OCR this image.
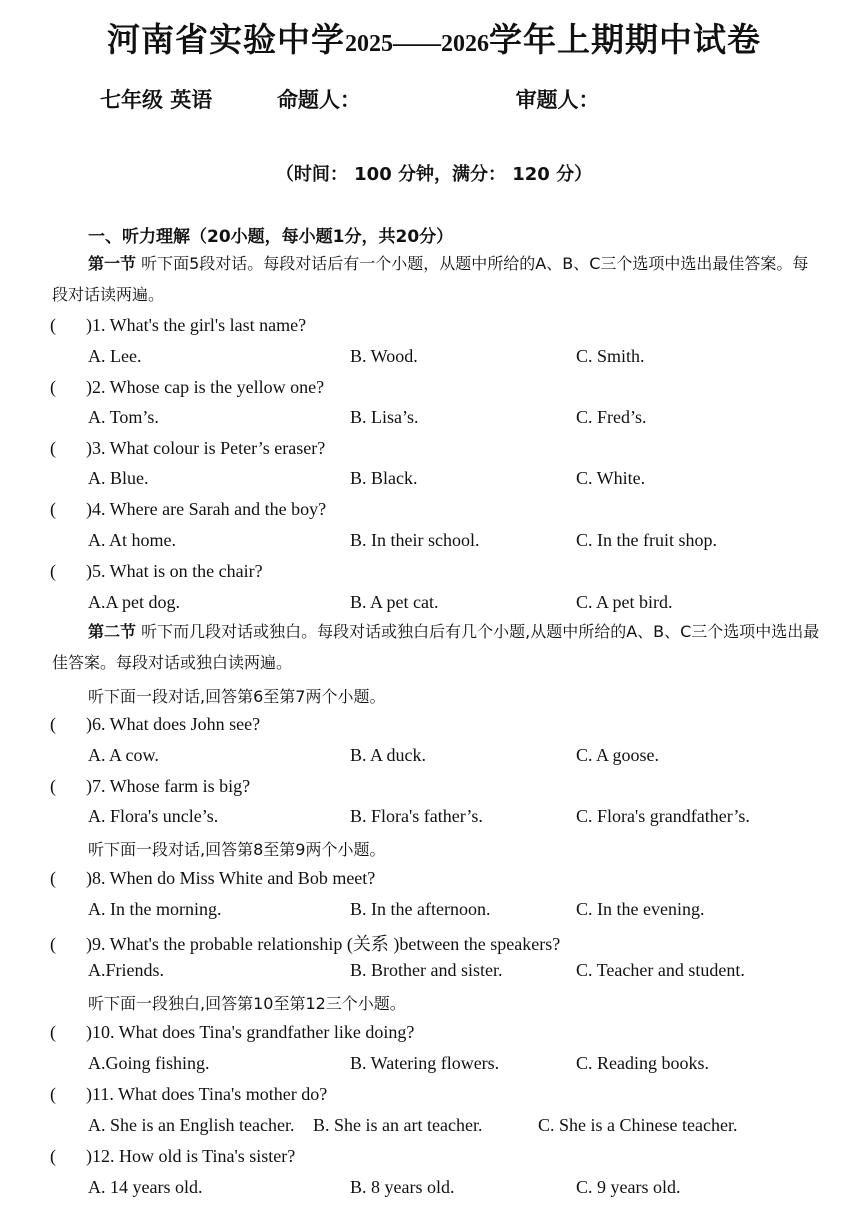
河南省实验中学2025——2026学年上期期中试卷
七年级 英语	命题人：	审题人：
（时间： 100 分钟，满分： 120 分）
一、听力理解（20小题，每小题1分，共20分）
第一节 听下面5段对话。每段对话后有一个小题，从题中所给的A、B、C三个选项中选出最佳答案。每段对话读两遍。
( )1. What's the girl's last name?
A. Lee.	B. Wood.	C. Smith.
( )2. Whose cap is the yellow one?
A. Tom’s.	B. Lisa’s.	C. Fred’s.
( )3. What colour is Peter’s eraser?
A. Blue.	B. Black.	C. White.
( )4. Where are Sarah and the boy?
A. At home.	B. In their school.	C. In the fruit shop.
( )5. What is on the chair?
A.A pet dog.	B. A pet cat.	C. A pet bird.
第二节 听下而几段对话或独白。每段对话或独白后有几个小题,从题中所给的A、B、C三个选项中选出最佳答案。每段对话或独白读两遍。
听下面一段对话,回答第6至第7两个小题。
( )6. What does John see?
A. A cow.	B. A duck.	C. A goose.
( )7. Whose farm is big?
A. Flora's uncle’s.	B. Flora's father’s.	C. Flora's grandfather’s.
听下面一段对话,回答第8至第9两个小题。
( )8. When do Miss White and Bob meet?
A. In the morning.	B. In the afternoon.	C. In the evening.
( )9. What's the probable relationship (关系 )between the speakers?
A.Friends.	B. Brother and sister.	C. Teacher and student.
听下面一段独白,回答第10至第12三个小题。
( )10. What does Tina's grandfather like doing?
A.Going fishing.	B. Watering flowers.	C. Reading books.
( )11. What does Tina's mother do?
A. She is an English teacher. B. She is an art teacher.	C. She is a Chinese teacher.
( )12. How old is Tina's sister?
A. 14 years old.	B. 8 years old.	C. 9 years old.
